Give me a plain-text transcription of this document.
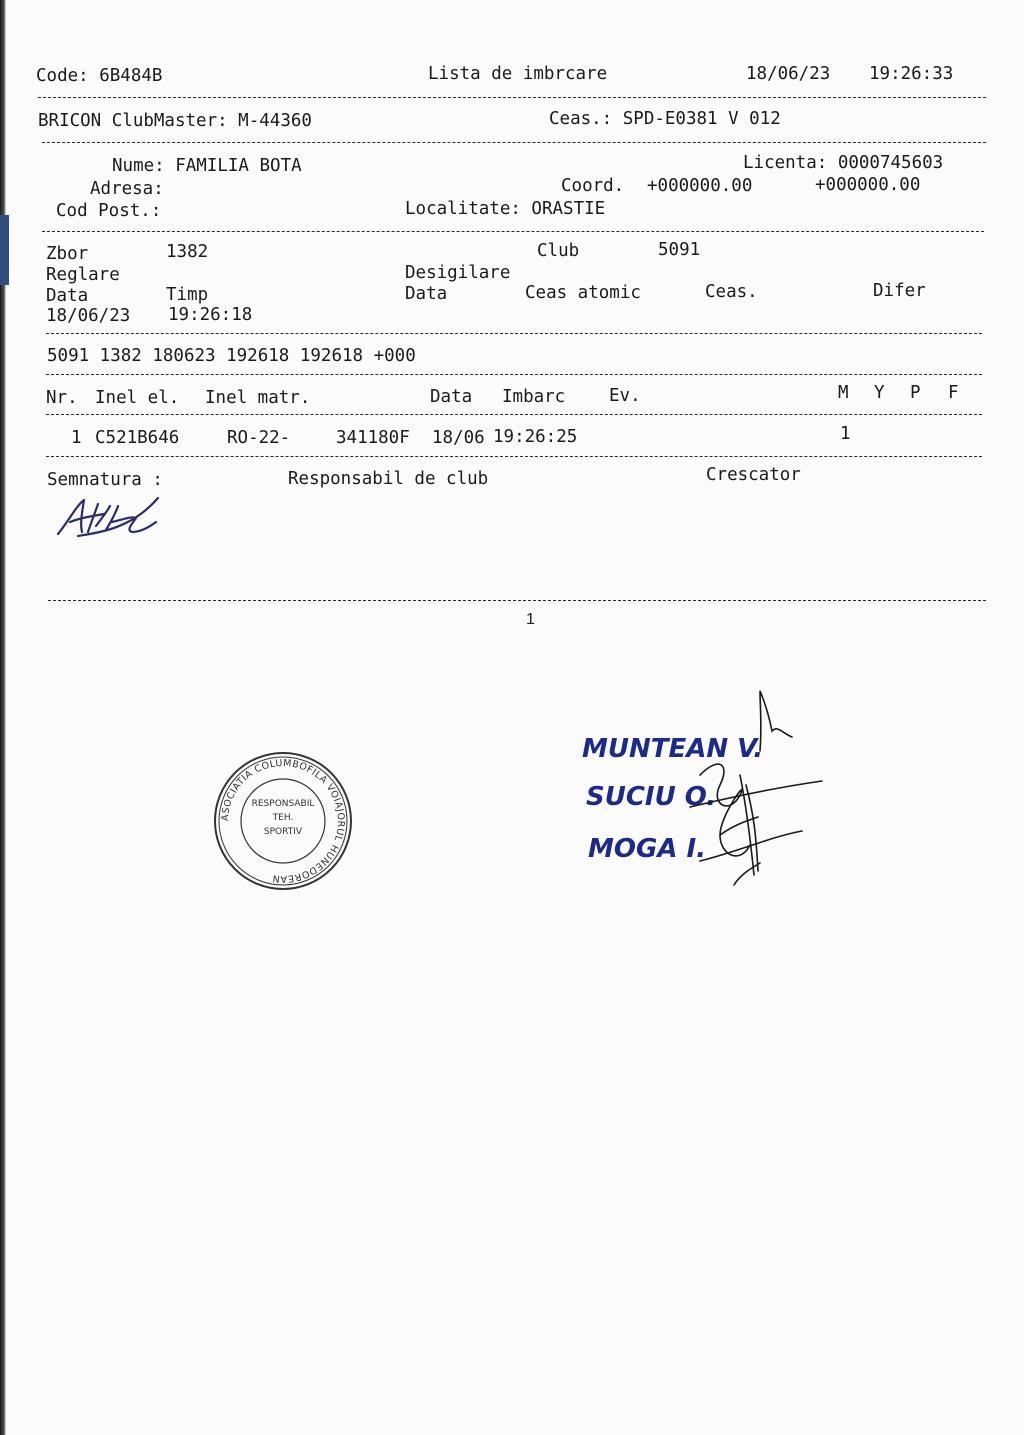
Code: 6B484B	Lista de imbrcare	18/06/23 19:26:33
BRICON ClubMaster: M-44360	Ceas.: SPD-E0381 V 012
Nume: FAMILIA BOTA	Licenta: 0000745603
Adresa:	Coord. +000000.00	+000000.00
Cod Post.:	Localitate: ORASTIE
Zbor	1382	Club	5091
Reglare	Desigilare
Data	Timp	Data	Ceas atomic	Ceas.	Difer
18/06/23 19:26:18
5091 1382 180623 192618 192618 +000
Nr. Inel el. Inel matr.	Data Imbarc	Ev.	M Y P F
1 C521B646	RO-22-	341180F 18/06 19:26:25	1
Semnatura :	Responsabil de club	Crescator
1
ASOCIATIA COLUMBOFILA VOIAJORUL HUNEDOREAN
RESPONSABIL
TEH.
SPORTIV
MUNTEAN V.
SUCIU O.
MOGA I.
